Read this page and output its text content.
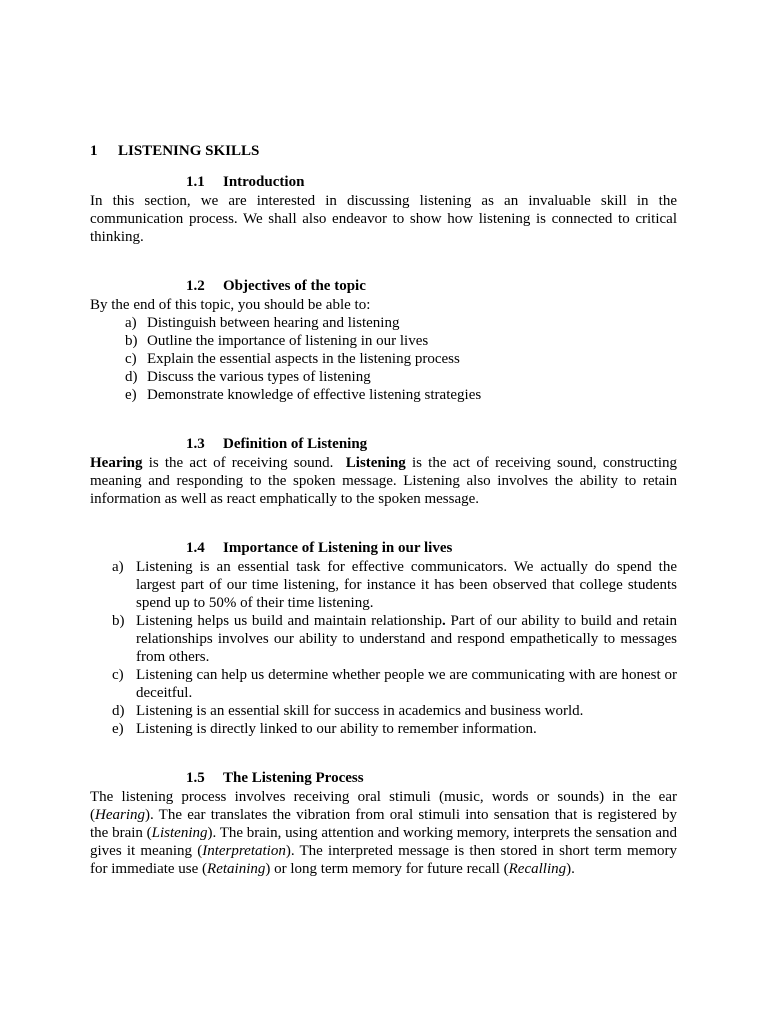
1 LISTENING SKILLS
1.1 Introduction

In this section, we are interested in discussing listening as an invaluable skill in the communication process. We shall also endeavor to show how listening is connected to critical thinking.

1.2 Objectives of the topic

By the end of this topic, you should be able to:

a) Distinguish between hearing and listening
b) Outline the importance of listening in our lives
c) Explain the essential aspects in the listening process
d) Discuss the various types of listening
e) Demonstrate knowledge of effective listening strategies
1.3 Definition of Listening

Hearing is the act of receiving sound.  Listening is the act of receiving sound, constructing meaning and responding to the spoken message. Listening also involves the ability to retain information as well as react emphatically to the spoken message.

1.4 Importance of Listening in our lives
a) Listening is an essential task for effective communicators. We actually do spend the largest part of our time listening, for instance it has been observed that college students spend up to 50% of their time listening.
b) Listening helps us build and maintain relationship. Part of our ability to build and retain relationships involves our ability to understand and respond empathetically to messages from others.
c) Listening can help us determine whether people we are communicating with are honest or deceitful.
d) Listening is an essential skill for success in academics and business world.
e) Listening is directly linked to our ability to remember information.
1.5 The Listening Process

The listening process involves receiving oral stimuli (music, words or sounds) in the ear (Hearing). The ear translates the vibration from oral stimuli into sensation that is registered by the brain (Listening). The brain, using attention and working memory, interprets the sensation and gives it meaning (Interpretation). The interpreted message is then stored in short term memory for immediate use (Retaining) or long term memory for future recall (Recalling).
